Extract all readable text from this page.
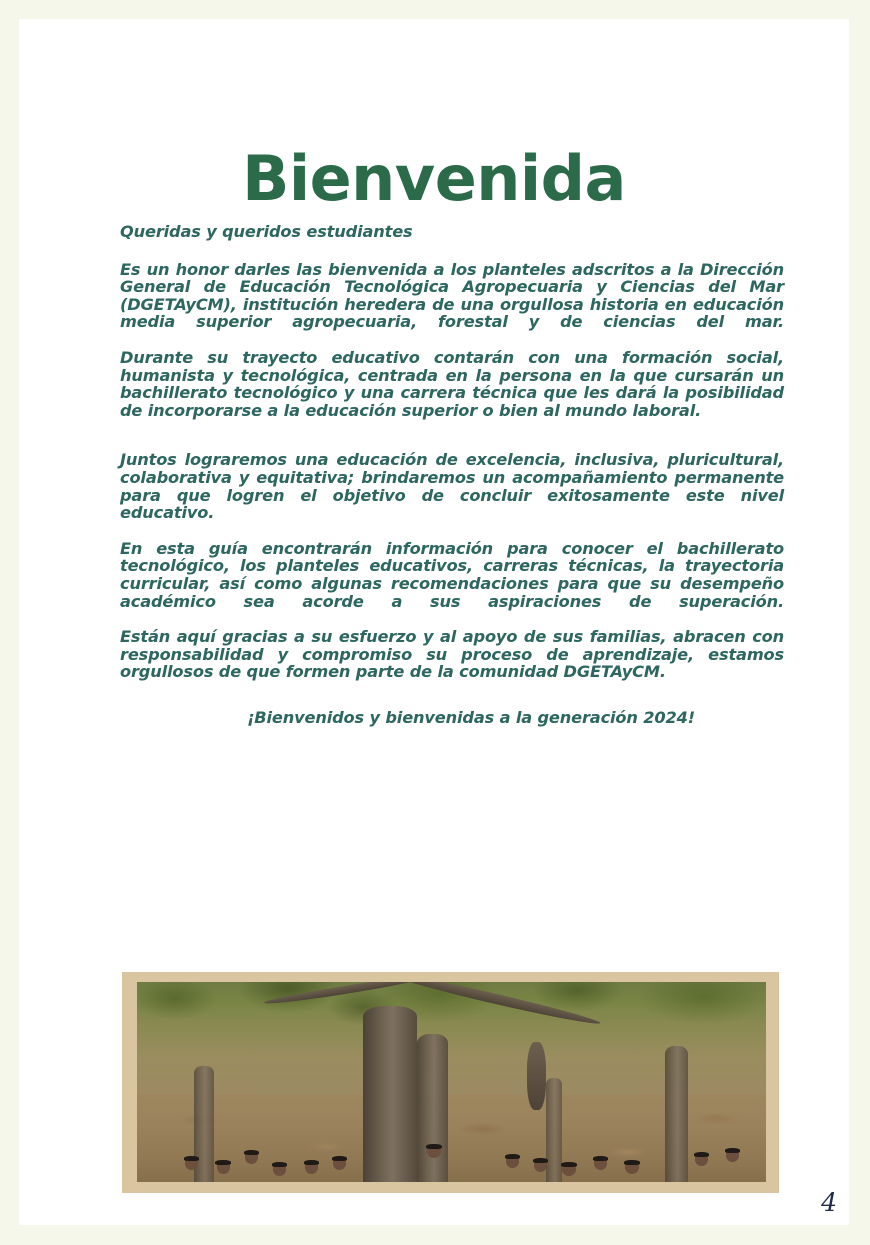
Bienvenida

Queridas y queridos estudiantes

Es un honor darles las bienvenida a los planteles adscritos a la Dirección General de Educación Tecnológica Agropecuaria y Ciencias del Mar (DGETAyCM), institución heredera de una orgullosa historia en educación media superior agropecuaria, forestal y de ciencias del mar.

Durante su trayecto educativo contarán con una formación social, humanista y tecnológica, centrada en la persona en la que cursarán un bachillerato tecnológico y una carrera técnica que les dará la posibilidad de incorporarse a la educación superior o bien al mundo laboral.

Juntos lograremos una educación de excelencia, inclusiva, pluricultural, colaborativa y equitativa; brindaremos un acompañamiento permanente para que logren el objetivo de concluir exitosamente este nivel educativo.

En esta guía encontrarán información para conocer el bachillerato tecnológico, los planteles educativos, carreras técnicas, la trayectoria curricular, así como algunas recomendaciones para que su desempeño académico sea acorde a sus aspiraciones de superación.

Están aquí gracias a su esfuerzo y al apoyo de sus familias, abracen con responsabilidad y compromiso su proceso de aprendizaje, estamos orgullosos de que formen parte de la comunidad DGETAyCM.

¡Bienvenidos y bienvenidas a la generación 2024!

4
